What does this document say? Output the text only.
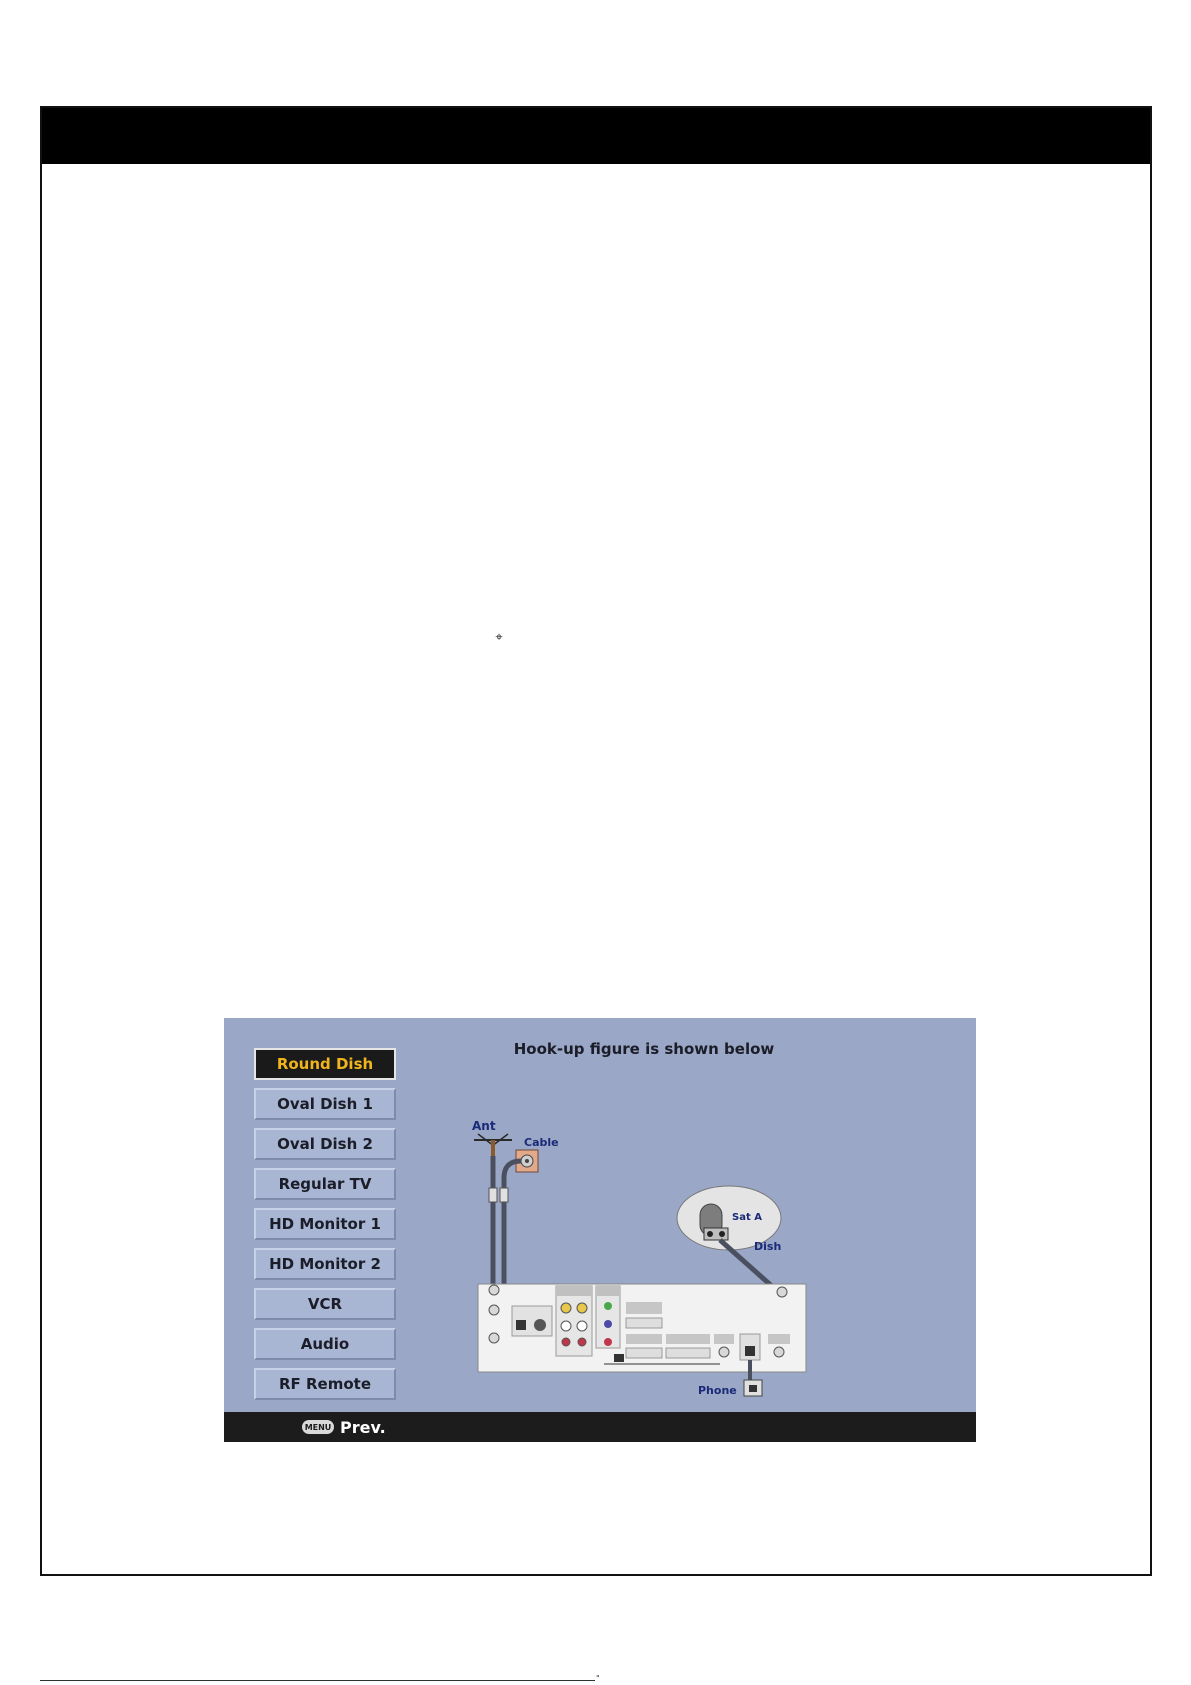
⌖
Round Dish
Oval Dish 1
Oval Dish 2
Regular TV
HD Monitor 1
HD Monitor 2
VCR
Audio
RF Remote
Hook-up figure is shown below
Ant
Cable
Sat A
Dish
Phone
MENU Prev.
"
